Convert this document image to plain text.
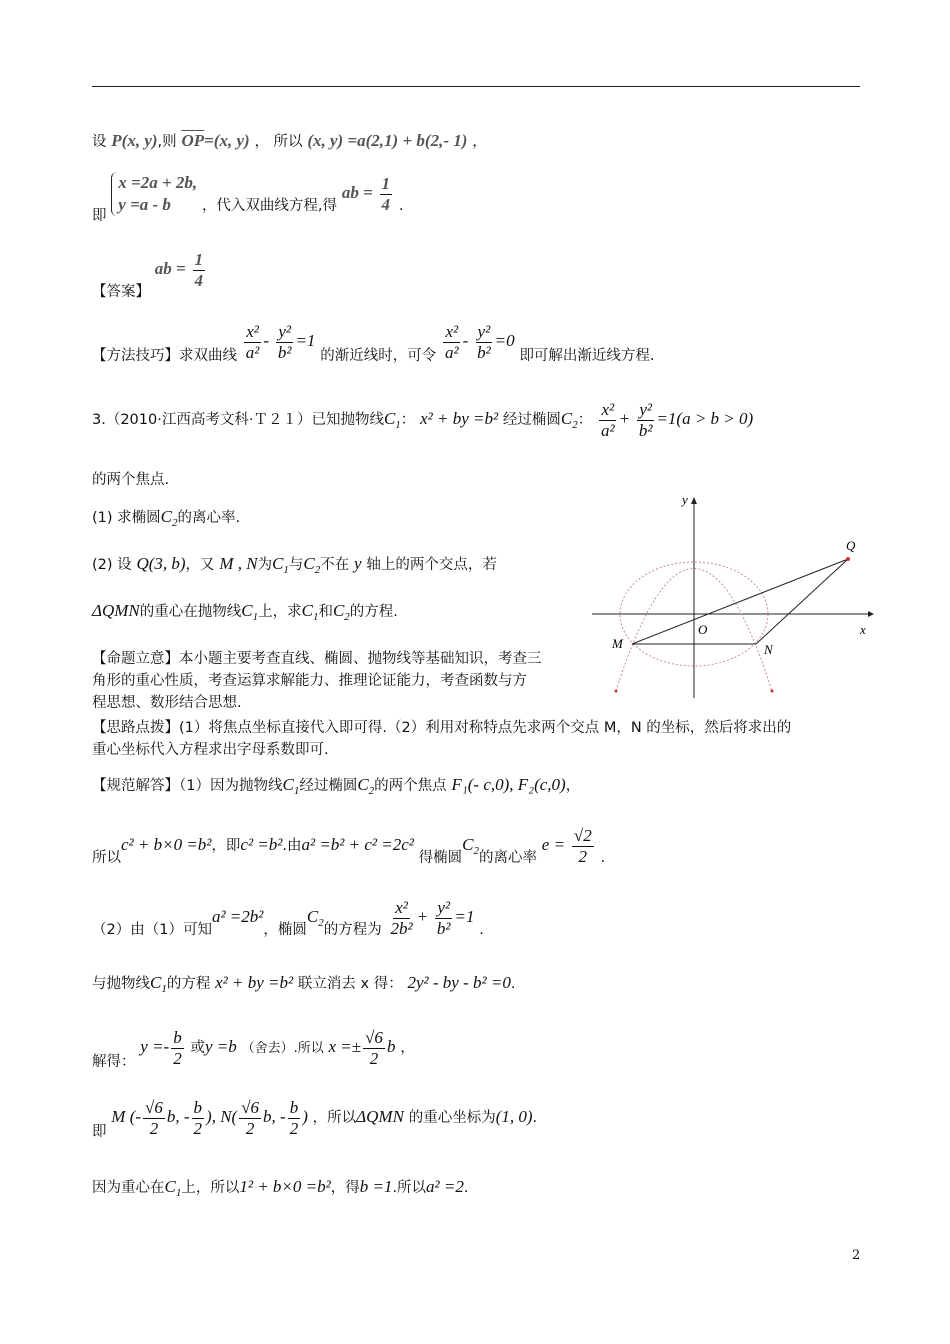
设 P(x, y),则 $\overline{OP}=(x$, y) ， 所以 (x, y) =a(2,1) + b(2,- 1) ，
即
x =2a + 2b,
y =a - b	，代入双曲线方程,得 ab = $\frac{1}{4}$ .
【答案】 ab = $\frac{1}{4}$
【方法技巧】求双曲线 $\frac{\text{x²}}{\text{a²}} - \frac{\text{y²}}{\text{b²}} =1$ 的渐近线时，可令 $\frac{\text{x²}}{\text{a²}} - \frac{\text{y²}}{\text{b²}} =0$ 即可解出渐近线方程.
3.（2010·江西高考文科·Ｔ２１）已知抛物线$C_1$： x² + by =b² 经过椭圆$C_2$： $\frac{\text{x²}}{\text{a²}} + \frac{\text{y²}}{\text{b²}} =1(a > b > 0)$
的两个焦点.
(1) 求椭圆$C_2$的离心率.
(2) 设 Q(3, b)，又 M , N为$C_1$与$C_2$不在 y 轴上的两个交点，若
ΔQMN的重心在抛物线$C_1$上，求$C_1$和$C_2$的方程.
【命题立意】本小题主要考查直线、椭圆、抛物线等基础知识，考查三
角形的重心性质，考查运算求解能力、推理论证能力，考查函数与方
程思想、数形结合思想.
y
x
O
Q
M	N
【思路点拨】(1）将焦点坐标直接代入即可得.（2）利用对称特点先求两个交点 M，N 的坐标，然后将求出的
重心坐标代入方程求出字母系数即可.
【规范解答】（1）因为抛物线$C_1$经过椭圆$C_2$的两个焦点 F₁(- c,0), F₂(c,0)，
所以c² + b×0 =b²，即c² =b².由a² =b² + c² =2c² 得椭圆$C_2$的离心率 $e = \frac{√2}{2}$ .
（2）由（1）可知a² =2b²，椭圆$C_2$的方程为 $\frac{\text{x²}}{\text{2b²}} + \frac{\text{y²}}{\text{b²}} =1$ .
与抛物线$C_1$的方程 x² + by =b² 联立消去 x 得： 2y² - by - b² =0.
解得： $y =- \frac{b}{2}$ 或y =b （舍去）.所以 $x =\pm \frac{√6}{2}$ b ，
即 M (- $\frac{√6}{2} b$, - $\frac{b}{2}$ ), $N( \frac{√6}{2} b$, - $\frac{b}{2}$ ) ，所以ΔQMN 的重心坐标为(1, 0).
因为重心在$C_1$上，所以1² + b×0 =b²，得b =1.所以a² =2.
2
